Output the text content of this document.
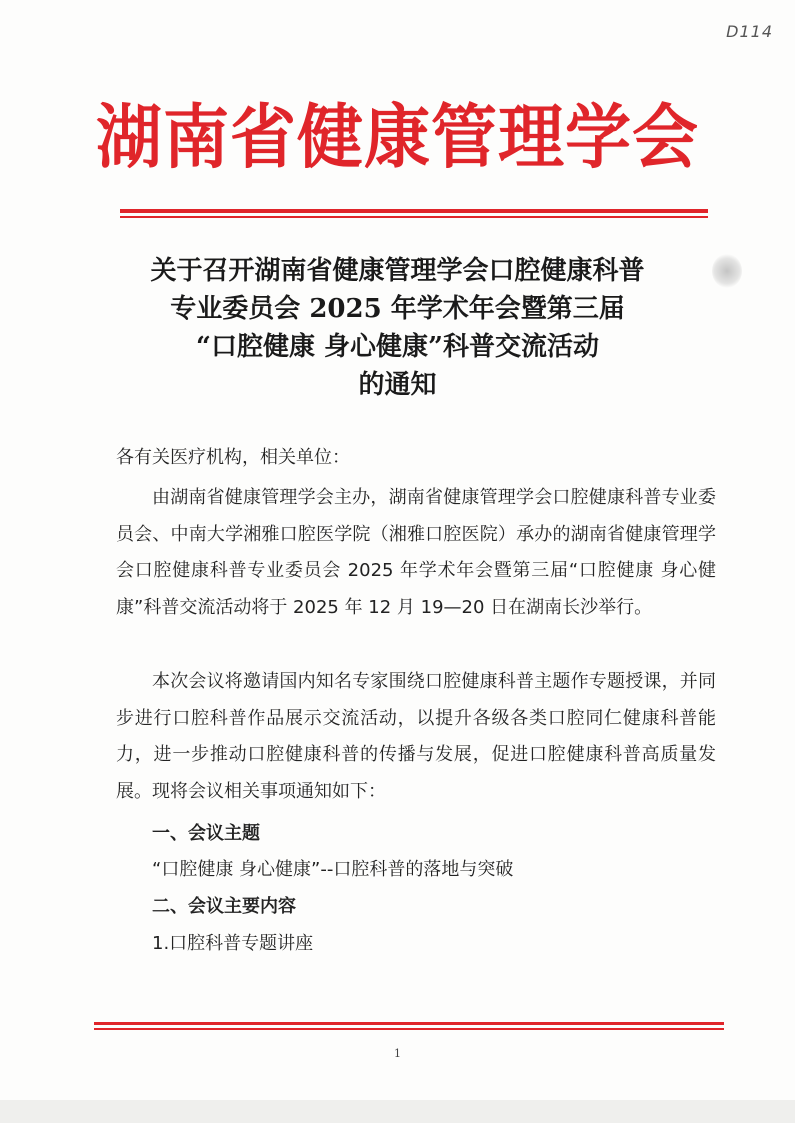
D114
湖南省健康管理学会
关于召开湖南省健康管理学会口腔健康科普
专业委员会 2025 年学术年会暨第三届
“口腔健康 身心健康”科普交流活动
的通知
各有关医疗机构，相关单位：
由湖南省健康管理学会主办，湖南省健康管理学会口腔健康科普专业委员会、中南大学湘雅口腔医学院（湘雅口腔医院）承办的湖南省健康管理学会口腔健康科普专业委员会 2025 年学术年会暨第三届“口腔健康 身心健康”科普交流活动将于 2025 年 12 月 19—20 日在湖南长沙举行。
本次会议将邀请国内知名专家围绕口腔健康科普主题作专题授课，并同步进行口腔科普作品展示交流活动，以提升各级各类口腔同仁健康科普能力，进一步推动口腔健康科普的传播与发展，促进口腔健康科普高质量发展。现将会议相关事项通知如下：
一、会议主题
“口腔健康 身心健康”--口腔科普的落地与突破
二、会议主要内容
1.口腔科普专题讲座
1
